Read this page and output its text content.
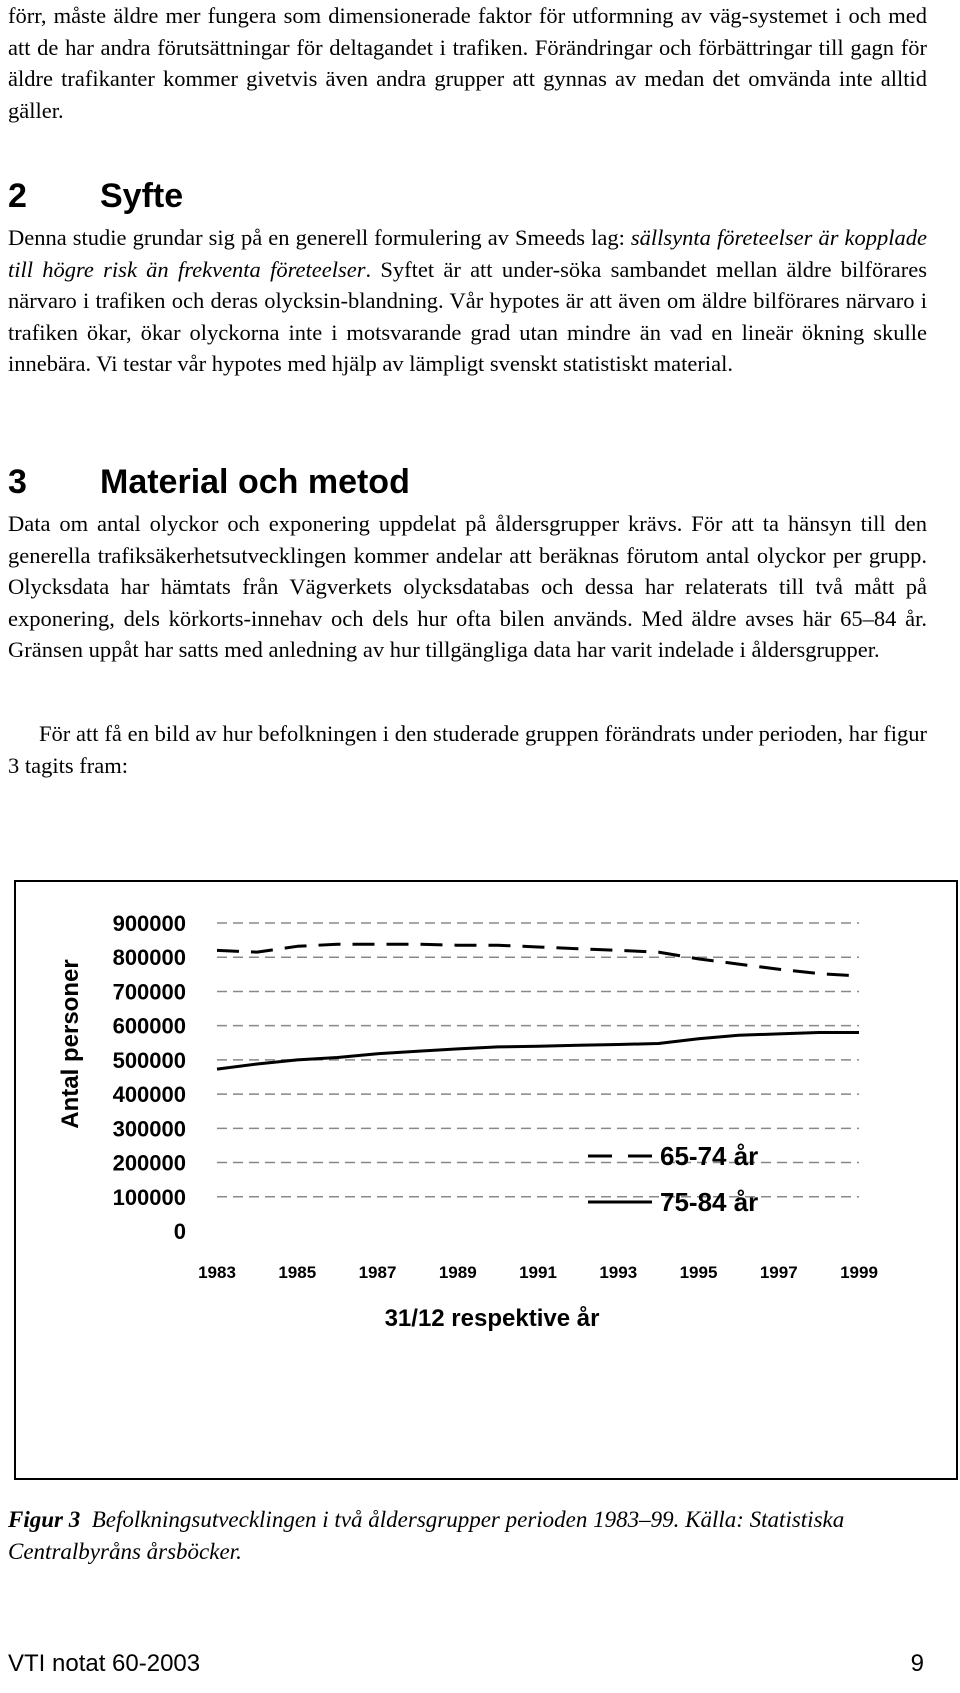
förr, måste äldre mer fungera som dimensionerade faktor för utformning av väg-systemet i och med att de har andra förutsättningar för deltagandet i trafiken. Förändringar och förbättringar till gagn för äldre trafikanter kommer givetvis även andra grupper att gynnas av medan det omvända inte alltid gäller.

2 Syfte

Denna studie grundar sig på en generell formulering av Smeeds lag: sällsynta företeelser är kopplade till högre risk än frekventa företeelser. Syftet är att under-söka sambandet mellan äldre bilförares närvaro i trafiken och deras olycksin-blandning. Vår hypotes är att även om äldre bilförares närvaro i trafiken ökar, ökar olyckorna inte i motsvarande grad utan mindre än vad en lineär ökning skulle innebära. Vi testar vår hypotes med hjälp av lämpligt svenskt statistiskt material.

3 Material och metod

Data om antal olyckor och exponering uppdelat på åldersgrupper krävs. För att ta hänsyn till den generella trafiksäkerhetsutvecklingen kommer andelar att beräknas förutom antal olyckor per grupp. Olycksdata har hämtats från Vägverkets olycksdatabas och dessa har relaterats till två mått på exponering, dels körkorts-innehav och dels hur ofta bilen används. Med äldre avses här 65–84 år. Gränsen uppåt har satts med anledning av hur tillgängliga data har varit indelade i åldersgrupper.

För att få en bild av hur befolkningen i den studerade gruppen förändrats under perioden, har figur 3 tagits fram:

900000
800000
700000
600000
500000
400000
300000
200000
100000
0
1983 1985 1987 1989 1991 1993 1995 1997 1999
31/12 respektive år
Antal personer
65-74 år
75-84 år

Figur 3 Befolkningsutvecklingen i två åldersgrupper perioden 1983–99. Källa: Statistiska Centralbyråns årsböcker.

VTI notat 60-2003	9
